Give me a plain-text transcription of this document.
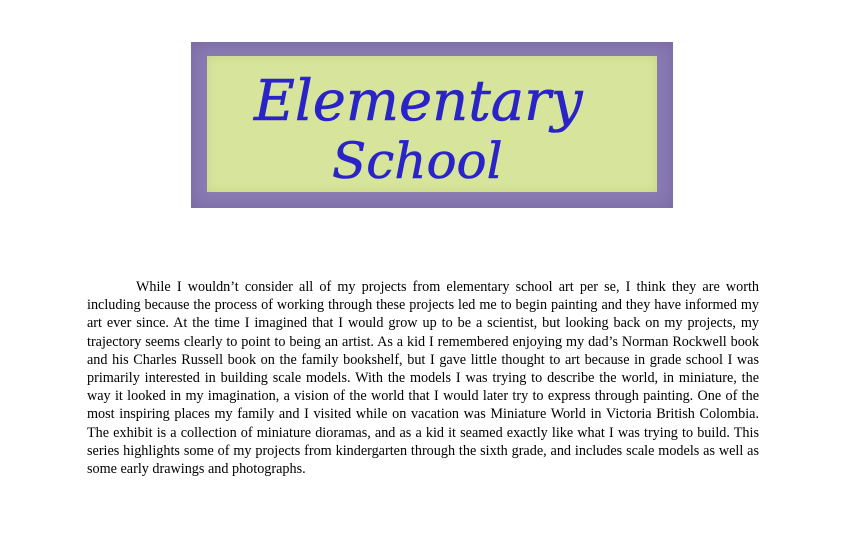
Elementary
School

While I wouldn’t consider all of my projects from elementary school art per se, I think they are worth including because the process of working through these projects led me to begin painting and they have informed my art ever since. At the time I imagined that I would grow up to be a scientist, but looking back on my projects, my trajectory seems clearly to point to being an artist. As a kid I remembered enjoying my dad’s Norman Rockwell book and his Charles Russell book on the family bookshelf, but I gave little thought to art because in grade school I was primarily interested in building scale models. With the models I was trying to describe the world, in miniature, the way it looked in my imagination, a vision of the world that I would later try to express through painting. One of the most inspiring places my family and I visited while on vacation was Miniature World in Victoria British Colombia. The exhibit is a collection of miniature dioramas, and as a kid it seamed exactly like what I was trying to build. This series highlights some of my projects from kindergarten through the sixth grade, and includes scale models as well as some early drawings and photographs.
